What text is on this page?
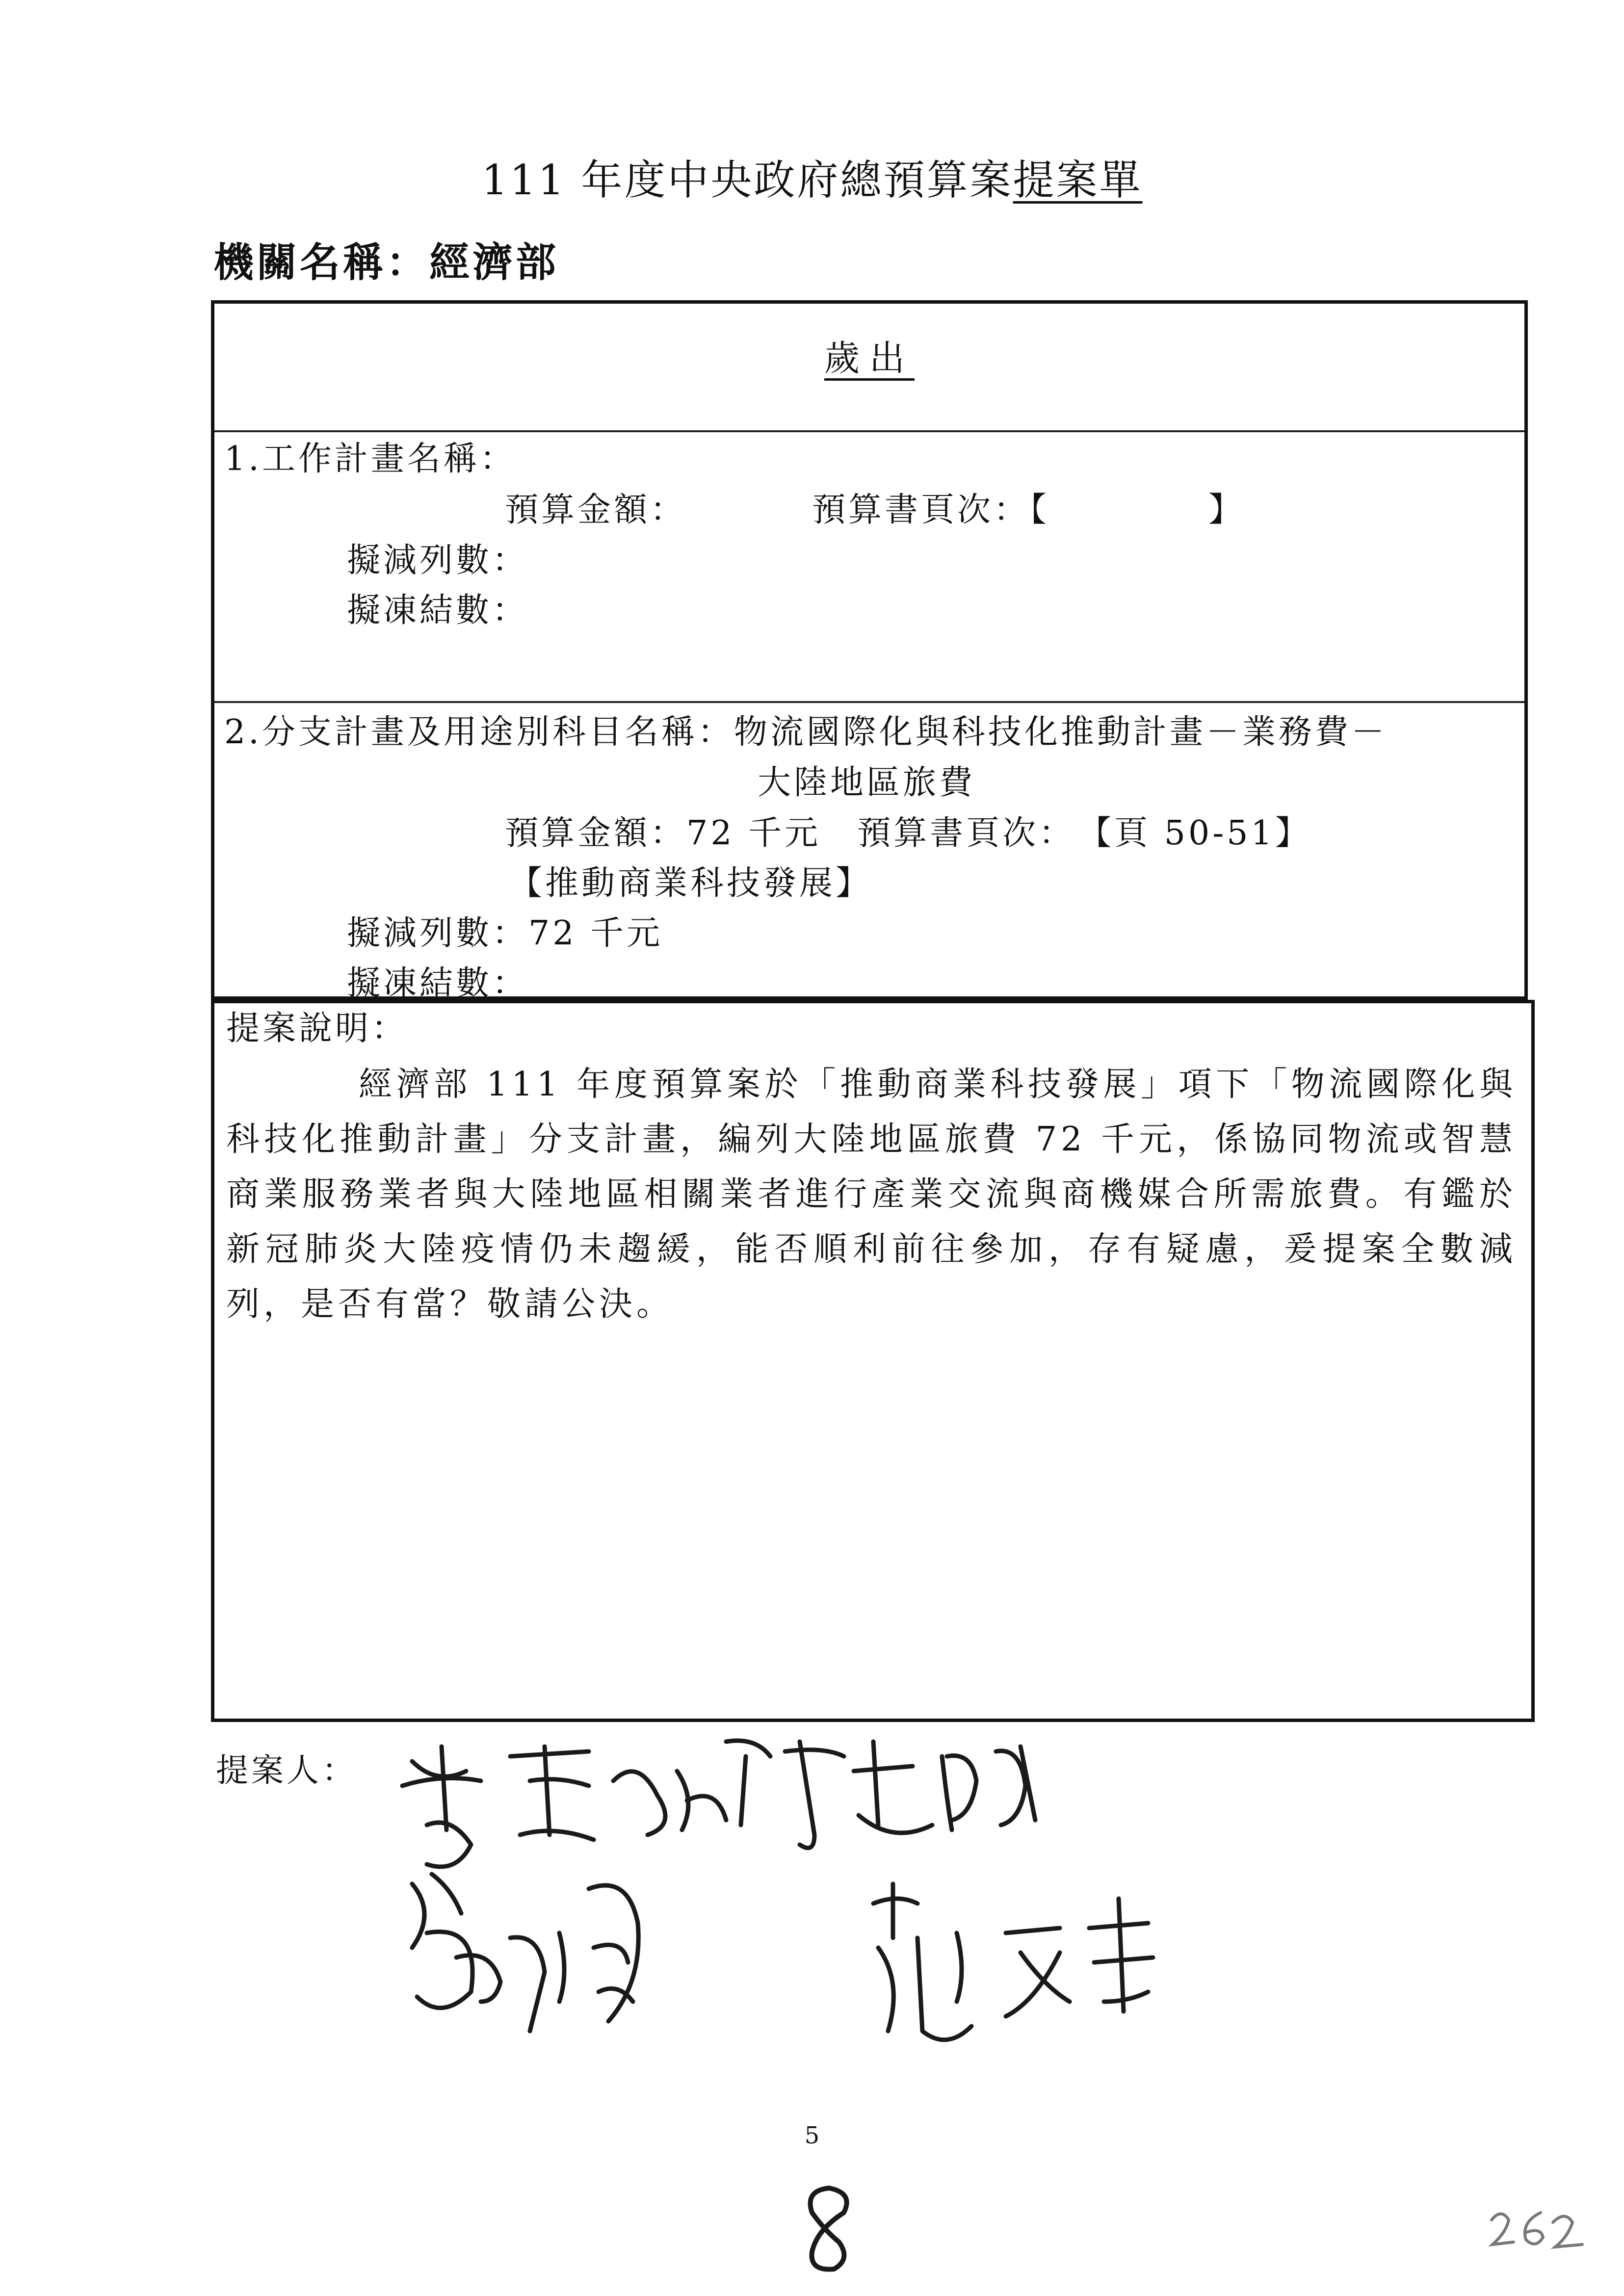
111 年度中央政府總預算案提案單
機關名稱：經濟部
歲出
1.工作計畫名稱：
預算金額：	預算書頁次：【	】
擬減列數：
擬凍結數：
2.分支計畫及用途別科目名稱：物流國際化與科技化推動計畫－業務費－
大陸地區旅費
預算金額：72 千元　預算書頁次：　【頁 50-51】
【推動商業科技發展】
擬減列數：72 千元
擬凍結數：
提案說明：
經濟部 111 年度預算案於「推動商業科技發展」項下「物流國際化與科技化推動計畫」分支計畫，編列大陸地區旅費 72 千元，係協同物流或智慧商業服務業者與大陸地區相關業者進行產業交流與商機媒合所需旅費。有鑑於新冠肺炎大陸疫情仍未趨緩，能否順利前往參加，存有疑慮，爰提案全數減列，是否有當？敬請公決。
提案人：
5
